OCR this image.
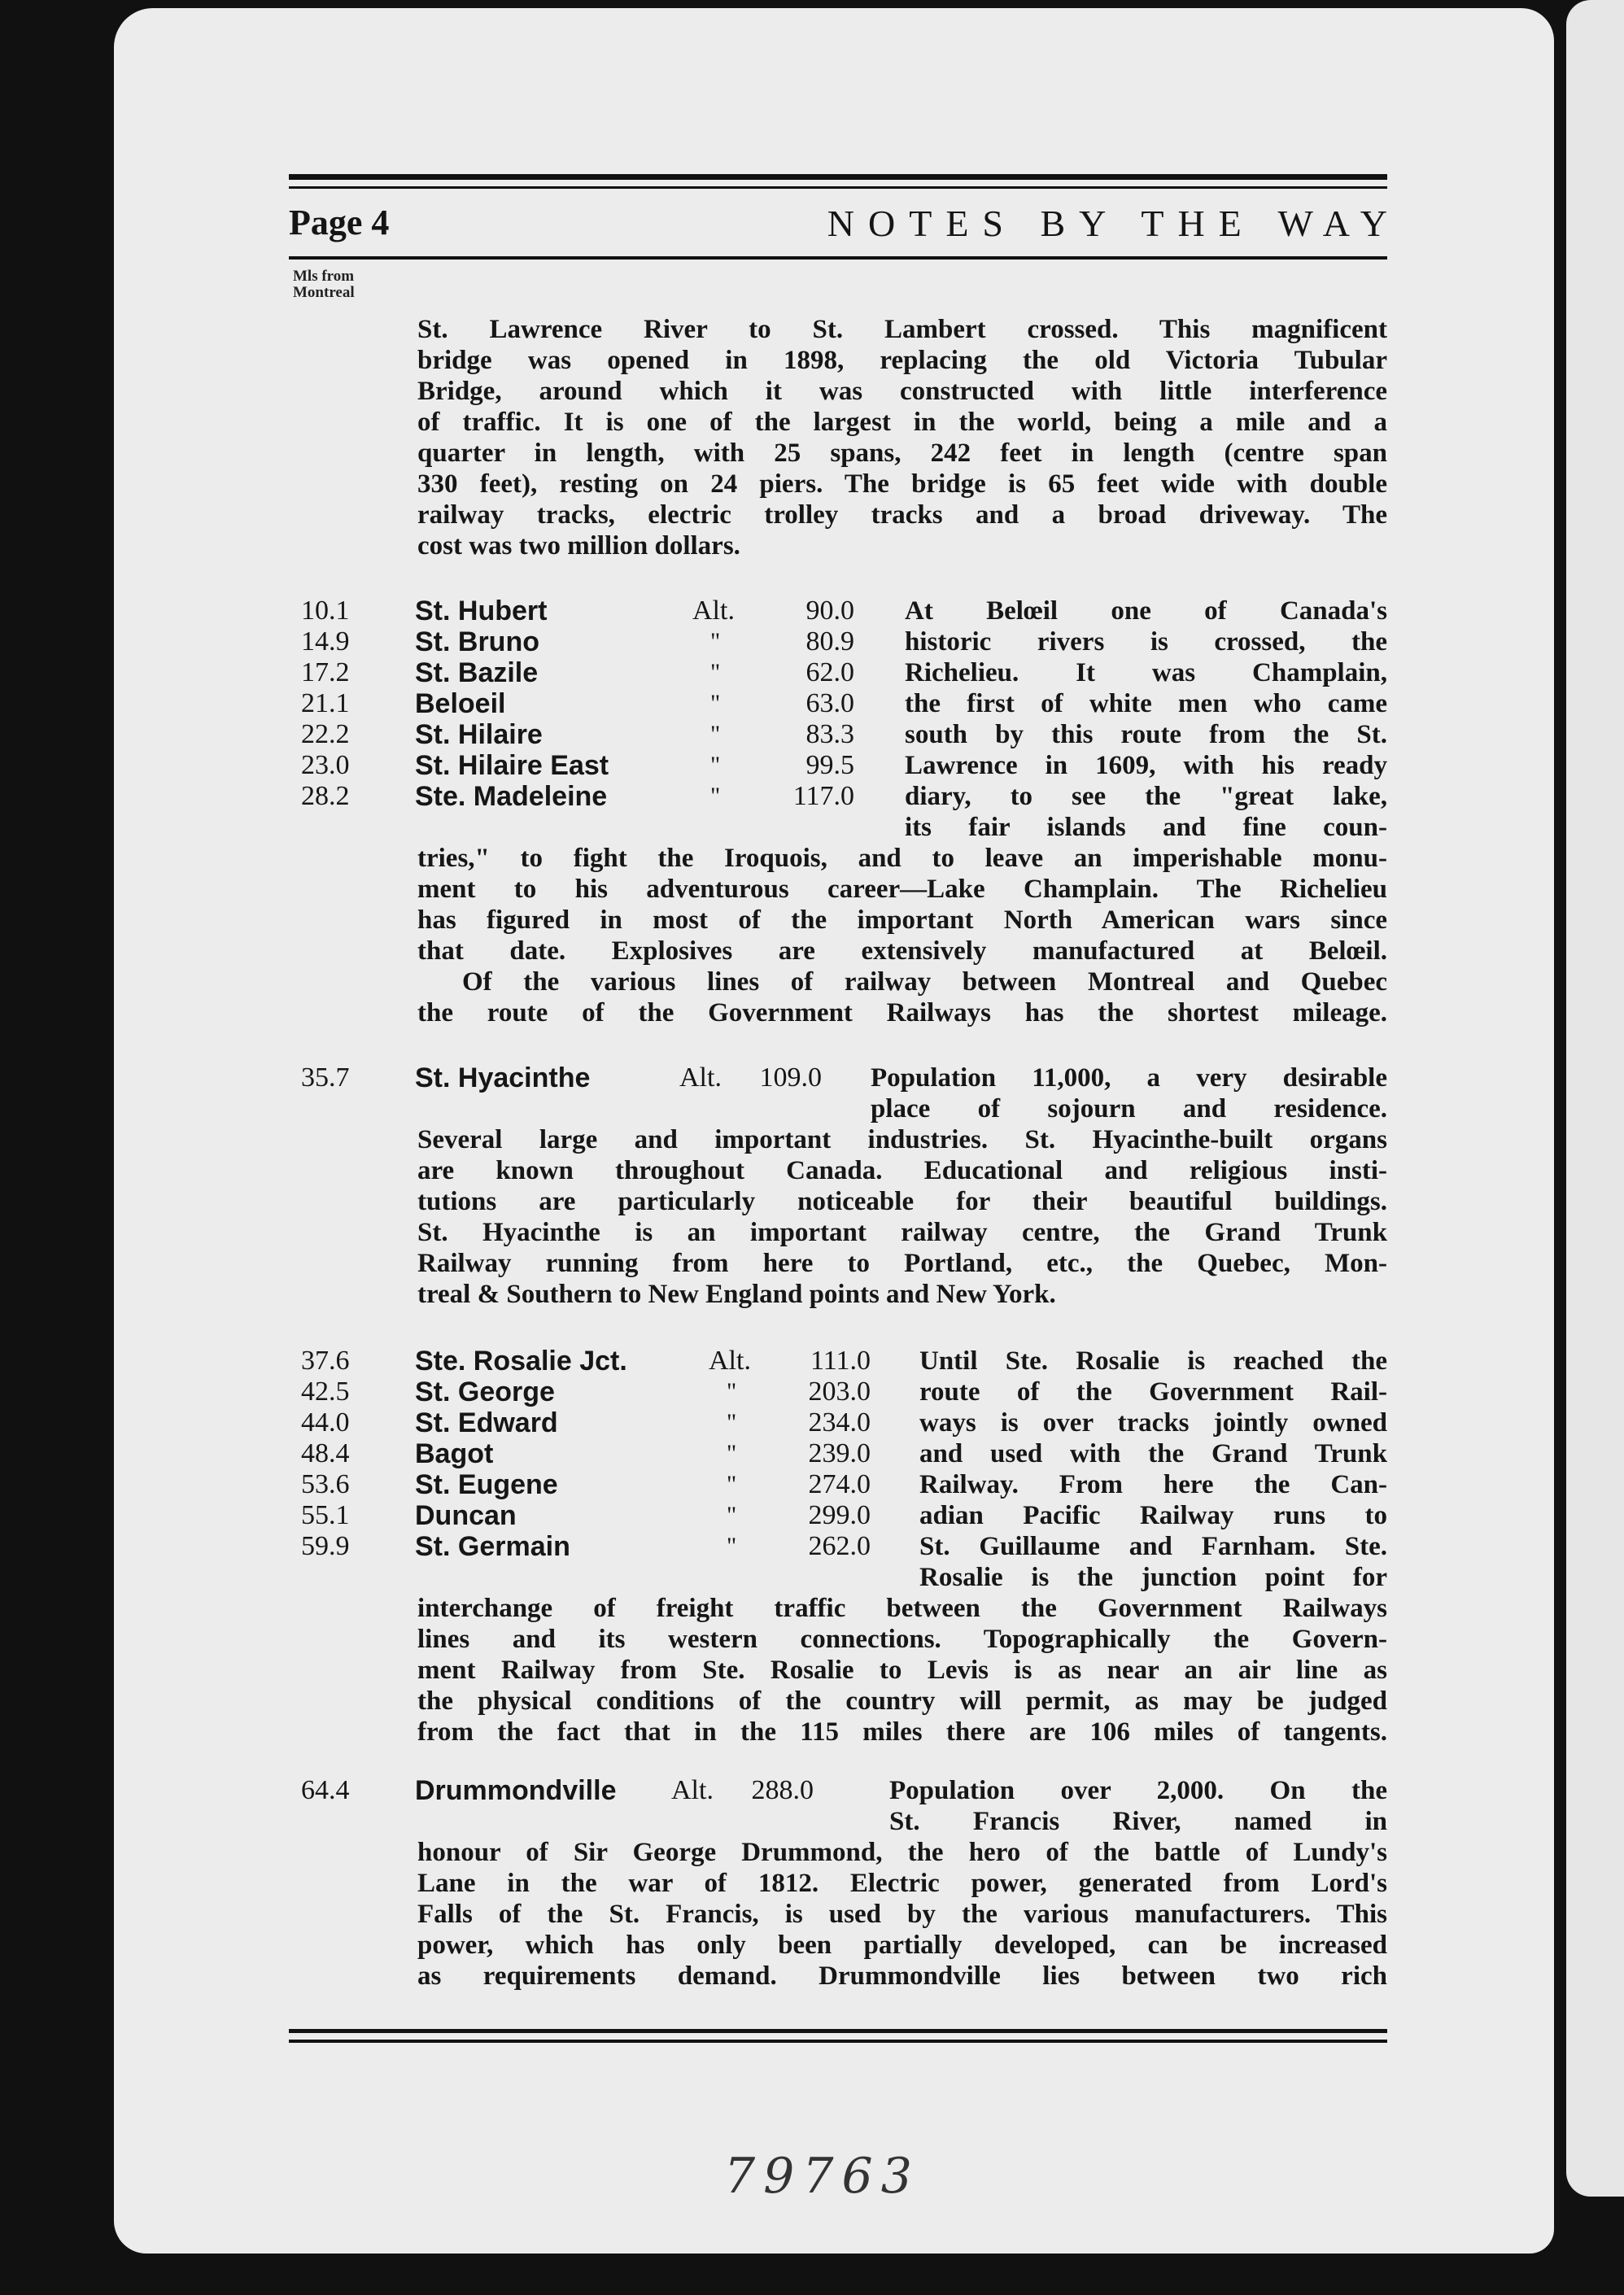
Page 4	NOTES BY THE WAY
Mls from
Montreal
St. Lawrence River to St. Lambert crossed. This magnificent
bridge was opened in 1898, replacing the old Victoria Tubular
Bridge, around which it was constructed with little interference
of traffic. It is one of the largest in the world, being a mile and a
quarter in length, with 25 spans, 242 feet in length (centre span
330 feet), resting on 24 piers. The bridge is 65 feet wide with double
railway tracks, electric trolley tracks and a broad driveway. The
cost was two million dollars.
10.1	St. Hubert	Alt.	90.0
14.9	St. Bruno	"	80.9
17.2	St. Bazile	"	62.0
21.1	Beloeil	"	63.0
22.2	St. Hilaire	"	83.3
23.0	St. Hilaire East	"	99.5
28.2	Ste. Madeleine	"	117.0
At Belœil one of Canada's
historic rivers is crossed, the
Richelieu. It was Champlain,
the first of white men who came
south by this route from the St.
Lawrence in 1609, with his ready
diary, to see the "great lake,
its fair islands and fine coun-
tries," to fight the Iroquois, and to leave an imperishable monu-
ment to his adventurous career—Lake Champlain. The Richelieu
has figured in most of the important North American wars since
that date. Explosives are extensively manufactured at Belœil.
Of the various lines of railway between Montreal and Quebec
the route of the Government Railways has the shortest mileage.
35.7	St. Hyacinthe	Alt.	109.0 Population 11,000, a very desirable
place of sojourn and residence.
Several large and important industries. St. Hyacinthe-built organs
are known throughout Canada. Educational and religious insti-
tutions are particularly noticeable for their beautiful buildings.
St. Hyacinthe is an important railway centre, the Grand Trunk
Railway running from here to Portland, etc., the Quebec, Mon-
treal & Southern to New England points and New York.
37.6	Ste. Rosalie Jct.	Alt.	111.0
42.5	St. George	"	203.0
44.0	St. Edward	"	234.0
48.4	Bagot	"	239.0
53.6	St. Eugene	"	274.0
55.1	Duncan	"	299.0
59.9	St. Germain	"	262.0
Until Ste. Rosalie is reached the
route of the Government Rail-
ways is over tracks jointly owned
and used with the Grand Trunk
Railway. From here the Can-
adian Pacific Railway runs to
St. Guillaume and Farnham. Ste.
Rosalie is the junction point for
interchange of freight traffic between the Government Railways
lines and its western connections. Topographically the Govern-
ment Railway from Ste. Rosalie to Levis is as near an air line as
the physical conditions of the country will permit, as may be judged
from the fact that in the 115 miles there are 106 miles of tangents.
64.4	Drummondville Alt.	288.0	Population over 2,000. On the
St. Francis River, named in
honour of Sir George Drummond, the hero of the battle of Lundy's
Lane in the war of 1812. Electric power, generated from Lord's
Falls of the St. Francis, is used by the various manufacturers. This
power, which has only been partially developed, can be increased
as requirements demand. Drummondville lies between two rich
79763
